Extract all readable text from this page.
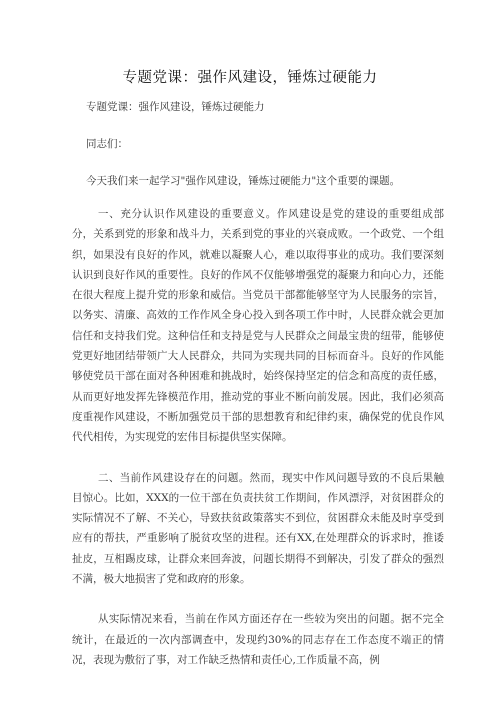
专题党课：强作风建设，锤炼过硬能力
专题党课：强作风建设，锤炼过硬能力
同志们：
今天我们来一起学习"强作风建设，锤炼过硬能力"这个重要的课题。

一、充分认识作风建设的重要意义。作风建设是党的建设的重要组成部分，关系到党的形象和战斗力，关系到党的事业的兴衰成败。一个政党、一个组织，如果没有良好的作风，就难以凝聚人心，难以取得事业的成功。我们要深刻认识到良好作风的重要性。良好的作风不仅能够增强党的凝聚力和向心力，还能在很大程度上提升党的形象和威信。当党员干部都能够坚守为人民服务的宗旨，以务实、清廉、高效的工作作风全身心投入到各项工作中时，人民群众就会更加信任和支持我们党。这种信任和支持是党与人民群众之间最宝贵的纽带，能够使党更好地团结带领广大人民群众，共同为实现共同的目标而奋斗。良好的作风能够使党员干部在面对各种困难和挑战时，始终保持坚定的信念和高度的责任感，从而更好地发挥先锋模范作用，推动党的事业不断向前发展。因此，我们必须高度重视作风建设，不断加强党员干部的思想教育和纪律约束，确保党的优良作风代代相传，为实现党的宏伟目标提供坚实保障。

二、当前作风建设存在的问题。然而，现实中作风问题导致的不良后果触目惊心。比如，XXX的一位干部在负责扶贫工作期间，作风漂浮，对贫困群众的实际情况不了解、不关心，导致扶贫政策落实不到位，贫困群众未能及时享受到应有的帮扶，严重影响了脱贫攻坚的进程。还有XX,在处理群众的诉求时，推诿扯皮，互相踢皮球，让群众来回奔波，问题长期得不到解决，引发了群众的强烈不满，极大地损害了党和政府的形象。

从实际情况来看，当前在作风方面还存在一些较为突出的问题。据不完全统计，在最近的一次内部调查中，发现约30%的同志存在工作态度不端正的情况，表现为敷衍了事，对工作缺乏热情和责任心,工作质量不高，例
